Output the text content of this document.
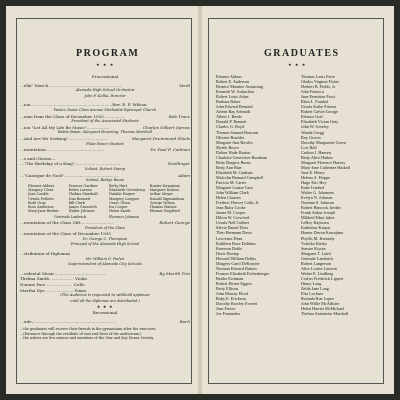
PROGRAM
★ ★ ★
Processional
...ella" March.........................................................	Verdi
Alameda High School Orchestra
John F. Kolka, Director
...ion...............................................................Rev. E. F. Wilson
Pastor, Santa Clara Avenue Methodist Episcopal Church
...ome from the Class of December 1935................	Bob Trace
President of the Associated Students
...ion "Let All My Life Be Music".................	Charles Gilbert Spross
Bettie Baum, Margaret Bruening, Thomas Marshall
...And Are We Seeking"..............................	Margaret Drummond Shiels
Flute Honor Student
...esentation.............................................	Dr. Paul F. Cadman
...s and Chorus—
..."The Birthday of a King"...................................	Neidlinger
Soloist, Robert Stamp
..."Cantique de Noel"..........................................	Adam
Soloist, Bettye Baum
Eleanor Aldous	Frances Gardner	Betty Hart	Hunter Kawajima
Margery Clear	Helen Larsen	Elizabeth Greenberg	Margaret Krause
Jean Conkle	Thelma Marshall	Natalie Harper	Arthur Meyer
Ursula Fellows	Tom Bennett	Margery Loepper	Donald Sigmundson
Ruth Gray	Bill Clark	Grace Olsen	George Wilson
Ross Anderson	James Grunwich	Ira Cooper	Thomas Watson
Mary-Jane Berber	Walter Johnson	Helen Knoth	Eleanor Siegfried
Gertrude Lanbrick	Florence Johnson
...esentation of the Class Gift.........................	Robert George
President of the Class
...esentation of the Class of December 1935
Dr. George C. Thompson
Principal of the Alameda High School
...stribution of Diplomas
Mr. William G. Paden
Superintendent of Alameda City Schools
...cidental Music........................................	By Marith Trio
Thelma Smith .................. Violin
Nonnie Parr .................... Cello
Martha Dye ..................... Piano
(The Audience is requested to withhold applause
until all the diplomas are distributed.)
★ ★ ★
Recessional
...ude.................................................................	Bach
...the graduates will receive their friends in the gymnasium after the exercises.
...(Entrance through the vestibule of east end front of the auditorium.)
...the ushers are few seniors and members of the Star and Key Honor Society.
GRADUATES
★ ★ ★
Eleanor Aldous
Robert E. Anderson
Bernice Maurine Armstrong
Kenneth W. Aubuchon
Robert Louis Asher
Barbara Baker
John Edward Bernard
Arlene Ray Schmidt
Albert J. Beede
Donald P. Bennett
Charles G. Boyd
Thomas Samuel Boucaut
Olivette Boulder
Margaret Ann Bowles
Myrtle Boyce
Dalton Wade Burton
Charlotte Genevieve Burnham
Betty Burgess Burns
Betty Ann Burr
Elizabeth M. Cadman
Malcolm Bernard Campbell
Patricia M. Carter
Margaret Louise Case
John William Clark
Helen Clausen
Frederic Harvey Cobb, Jr.
Jean Ruby Cooke
James M. Cooper
Hilton W. Crawford
Ursula Nell Culbert
Salvia Daniel Doss
Theo Hermann Davis
Lawrence Dean
Kathleen Rose Dobbins
Emerson Doble
Doris Dunlap
Howard William Dobbs
Margery Carol DeKruyter
Norman Edward Dubois
Frances Elizabeth Eichenberger
Bertha Eichman
Robert Deven Eggers
Betty Ellison
John Murray Elrod
Ruby E. Erickson
Dorothy Rowley Everett
Jean Farver
Joe Fernandez
Thomas Louis Ferre
Gladys Virginia Fisher
Herbert B. Fields, Jr.
John Fonseca
Jane Ernestine Frost
Rhea L. Frankel
Ursula Kathe Fritzen
Robert Calvin George
Eleanor Graf
Elizabeth Vivian Gray
John W. Greeley
Wanda Gregg
Roy Grover
Dorothy Marguerite Green
Lois Hall
Carlton J. Hansen
Betty Alice Harbin
Margaret Florence Harvey
Mary-Jane Catherine Haskell
Jane E. Henry
Helena A. Hoppe
Hugo Eric Hoy
Katie Ivanhof
Walter G. Johansen
Evelyn N. Johnsen
Norman S. Johnson
Robert Hancock Jordan
Frank Arthur Joseph
Mildred Edna Jukes
LeRoy Kajiwara
Katherine Kaspar
Homer Devon Kawajima
Phyllis M. Kennedy
Yoshiko Kiriko
Sumire Kiyota
Margaret T. Laird
Gertrude Lambrick
Robert Langerson
Alice Louise Larsson
Walter E. Lindberg
Corliss Frederick Lippert
Dinny Long
Zelda Jane Long
Elsa Lochner
Rosinda Rue Lopez
John Willie McAllister
Helen Harriet McMichael
Thelma Antoinette Marshall
